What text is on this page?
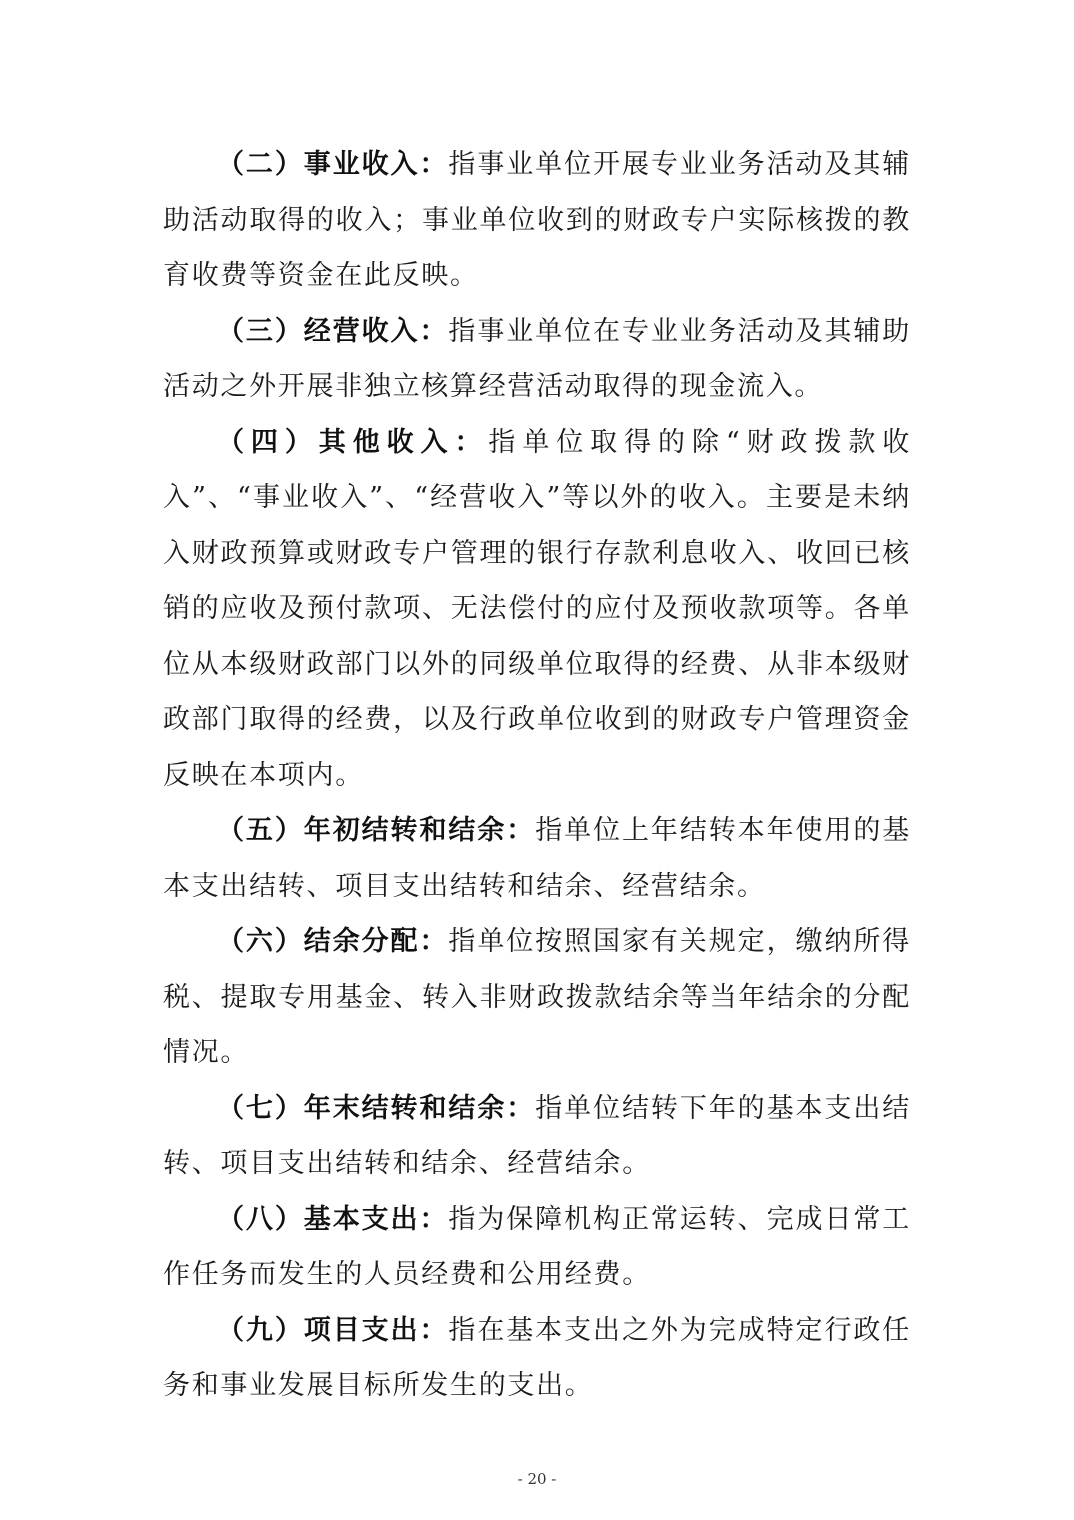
（二）事业收入：指事业单位开展专业业务活动及其辅助活动取得的收入；事业单位收到的财政专户实际核拨的教育收费等资金在此反映。

（三）经营收入：指事业单位在专业业务活动及其辅助活动之外开展非独立核算经营活动取得的现金流入。

（四）其他收入：指单位取得的除“财政拨款收入”、“事业收入”、“经营收入”等以外的收入。主要是未纳入财政预算或财政专户管理的银行存款利息收入、收回已核销的应收及预付款项、无法偿付的应付及预收款项等。各单位从本级财政部门以外的同级单位取得的经费、从非本级财政部门取得的经费，以及行政单位收到的财政专户管理资金反映在本项内。

（五）年初结转和结余：指单位上年结转本年使用的基本支出结转、项目支出结转和结余、经营结余。

（六）结余分配：指单位按照国家有关规定，缴纳所得税、提取专用基金、转入非财政拨款结余等当年结余的分配情况。

（七）年末结转和结余：指单位结转下年的基本支出结转、项目支出结转和结余、经营结余。

（八）基本支出：指为保障机构正常运转、完成日常工作任务而发生的人员经费和公用经费。

（九）项目支出：指在基本支出之外为完成特定行政任务和事业发展目标所发生的支出。

- 20 -
